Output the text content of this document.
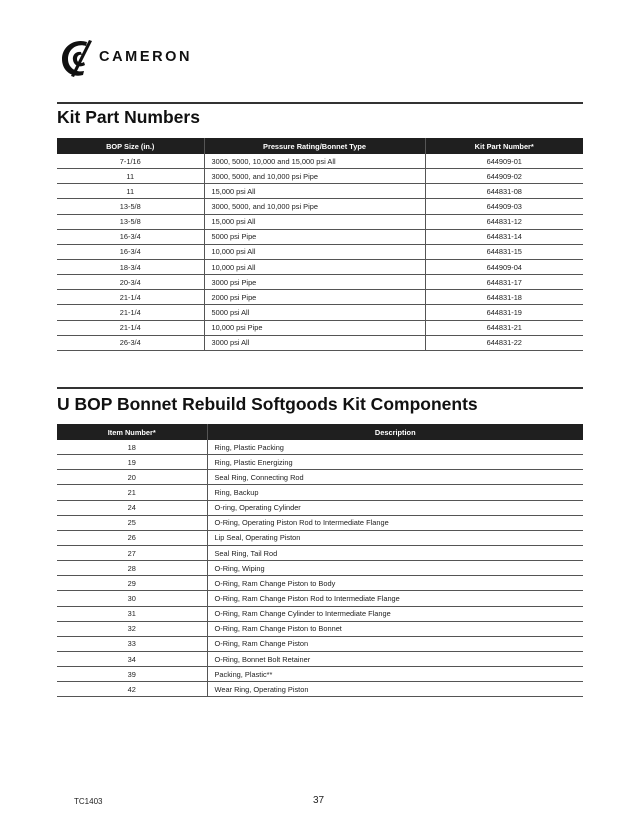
CAMERON
Kit Part Numbers
BOP Size (in.)	Pressure Rating/Bonnet Type	Kit Part Number*
7-1/16	3000, 5000, 10,000 and 15,000 psi All	644909-01
11	3000, 5000, and 10,000 psi Pipe	644909-02
11	15,000 psi All	644831-08
13-5/8	3000, 5000, and 10,000 psi Pipe	644909-03
13-5/8	15,000 psi All	644831-12
16-3/4	5000 psi Pipe	644831-14
16-3/4	10,000 psi All	644831-15
18-3/4	10,000 psi All	644909-04
20-3/4	3000 psi Pipe	644831-17
21-1/4	2000 psi Pipe	644831-18
21-1/4	5000 psi All	644831-19
21-1/4	10,000 psi Pipe	644831-21
26-3/4	3000 psi All	644831-22
U BOP Bonnet Rebuild Softgoods Kit Components
Item Number*	Description
18	Ring, Plastic Packing
19	Ring, Plastic Energizing
20	Seal Ring, Connecting Rod
21	Ring, Backup
24	O-ring, Operating Cylinder
25	O-Ring, Operating Piston Rod to Intermediate Flange
26	Lip Seal, Operating Piston
27	Seal Ring, Tail Rod
28	O-Ring, Wiping
29	O-Ring, Ram Change Piston to Body
30	O-Ring, Ram Change Piston Rod to Intermediate Flange
31	O-Ring, Ram Change Cylinder to Intermediate Flange
32	O-Ring, Ram Change Piston to Bonnet
33	O-Ring, Ram Change Piston
34	O-Ring, Bonnet Bolt Retainer
39	Packing, Plastic**
42	Wear Ring, Operating Piston
TC1403	37
